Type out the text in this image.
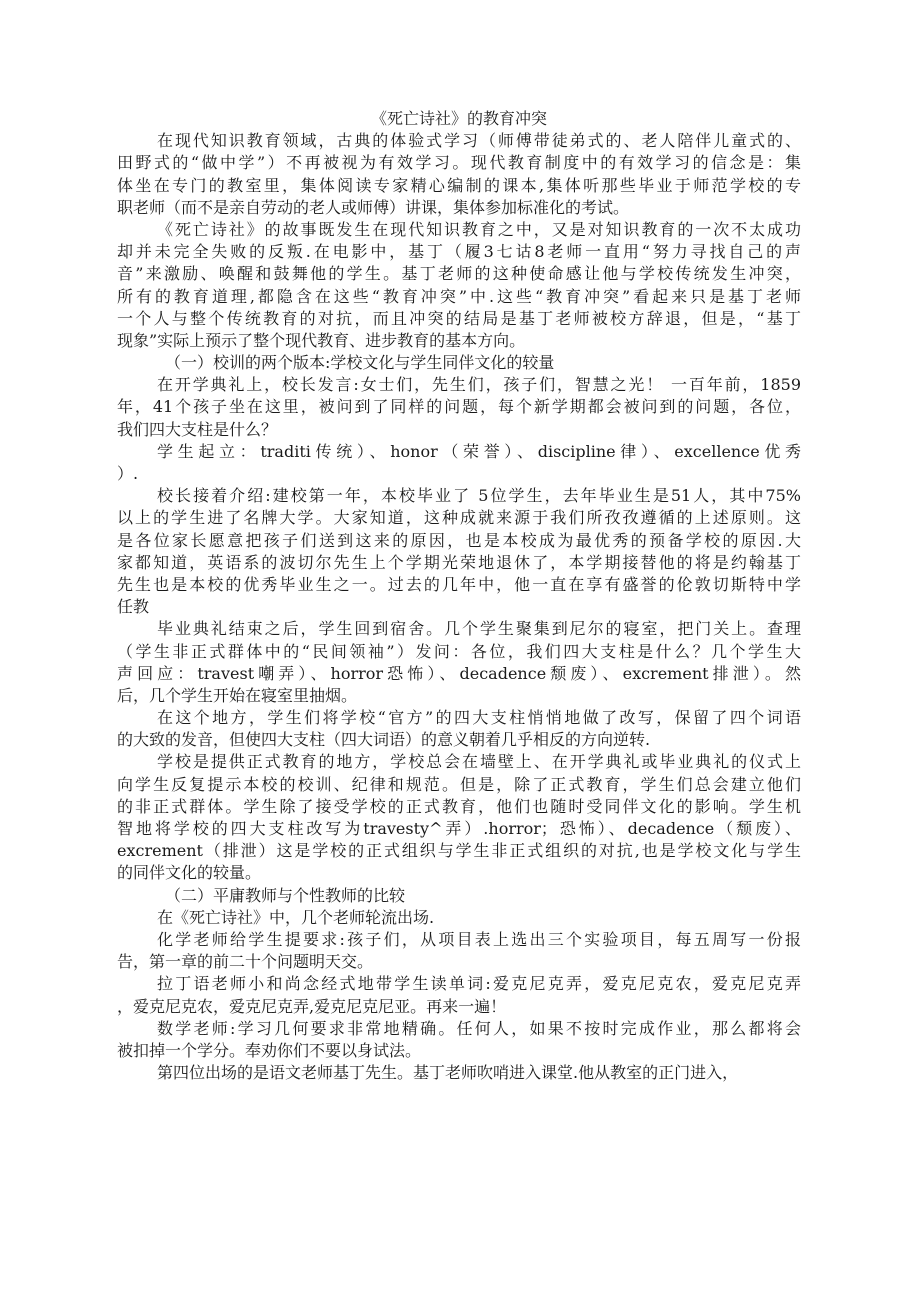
《死亡诗社》的教育冲突
在现代知识教育领域，古典的体验式学习（师傅带徒弟式的、老人陪伴儿童式的、
田野式的“做中学”）不再被视为有效学习。现代教育制度中的有效学习的信念是：集
体坐在专门的教室里，集体阅读专家精心编制的课本,集体听那些毕业于师范学校的专
职老师（而不是亲自劳动的老人或师傅）讲课，集体参加标准化的考试。
《死亡诗社》的故事既发生在现代知识教育之中，又是对知识教育的一次不太成功
却并未完全失败的反叛.在电影中，基丁（履3七诂8老师一直用“努力寻找自己的声
音”来激励、唤醒和鼓舞他的学生。基丁老师的这种使命感让他与学校传统发生冲突，
所有的教育道理,都隐含在这些“教育冲突”中.这些“教育冲突”看起来只是基丁老师
一个人与整个传统教育的对抗，而且冲突的结局是基丁老师被校方辞退，但是，“基丁
现象”实际上预示了整个现代教育、进步教育的基本方向。
（一）校训的两个版本:学校文化与学生同伴文化的较量
在开学典礼上，校长发言:女士们，先生们，孩子们，智慧之光！ 一百年前，1859
年，41个孩子坐在这里，被问到了同样的问题，每个新学期都会被问到的问题，各位，
我们四大支柱是什么？
学生起立：traditi传统）、honor（荣誉）、discipline律）、excellence优秀
）.
校长接着介绍:建校第一年，本校毕业了 5位学生，去年毕业生是51人，其中75%
以上的学生进了名牌大学。大家知道，这种成就来源于我们所孜孜遵循的上述原则。这
是各位家长愿意把孩子们送到这来的原因，也是本校成为最优秀的预备学校的原因.大
家都知道，英语系的波切尔先生上个学期光荣地退休了，本学期接替他的将是约翰基丁
先生也是本校的优秀毕业生之一。过去的几年中，他一直在享有盛誉的伦敦切斯特中学
任教
毕业典礼结束之后，学生回到宿舍。几个学生聚集到尼尔的寝室，把门关上。查理
（学生非正式群体中的“民间领袖”）发问：各位，我们四大支柱是什么？几个学生大
声回应：travest嘲弄）、horror恐怖）、decadence颓废）、excrement排泄）。然
后，几个学生开始在寝室里抽烟。
在这个地方，学生们将学校“官方”的四大支柱悄悄地做了改写，保留了四个词语
的大致的发音，但使四大支柱（四大词语）的意义朝着几乎相反的方向逆转.
学校是提供正式教育的地方，学校总会在墙壁上、在开学典礼或毕业典礼的仪式上
向学生反复提示本校的校训、纪律和规范。但是，除了正式教育，学生们总会建立他们
的非正式群体。学生除了接受学校的正式教育，他们也随时受同伴文化的影响。学生机
智地将学校的四大支柱改写为travesty^弄）.horror；恐怖）、decadence（颓废）、
excrement（排泄）这是学校的正式组织与学生非正式组织的对抗,也是学校文化与学生
的同伴文化的较量。
（二）平庸教师与个性教师的比较
在《死亡诗社》中，几个老师轮流出场.
化学老师给学生提要求:孩子们，从项目表上选出三个实验项目，每五周写一份报
告，第一章的前二十个问题明天交。
拉丁语老师小和尚念经式地带学生读单词:爱克尼克弄，爱克尼克农，爱克尼克弄
，爱克尼克农，爱克尼克弄,爱克尼克尼亚。再来一遍！
数学老师:学习几何要求非常地精确。任何人，如果不按时完成作业，那么都将会
被扣掉一个学分。奉劝你们不要以身试法。
第四位出场的是语文老师基丁先生。基丁老师吹哨进入课堂.他从教室的正门进入，
